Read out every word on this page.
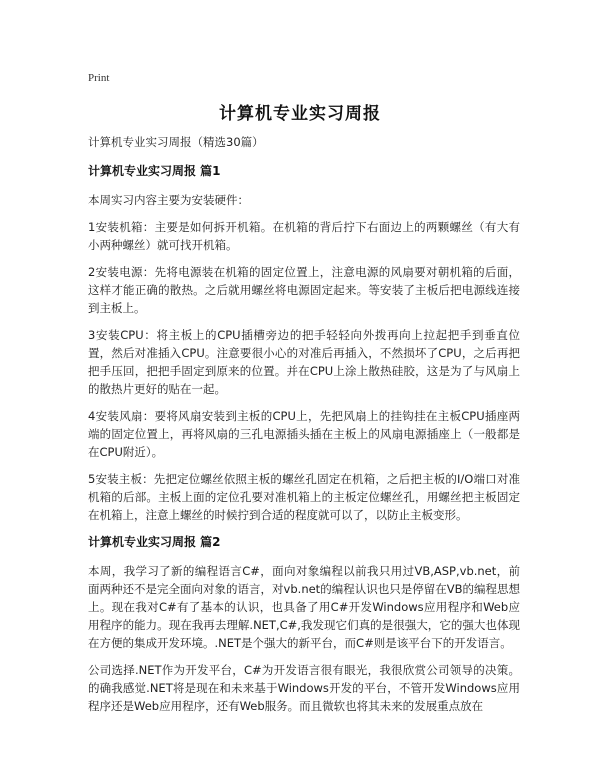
Print
计算机专业实习周报

计算机专业实习周报（精选30篇）

计算机专业实习周报 篇1

本周实习内容主要为安装硬件：

1安装机箱：主要是如何拆开机箱。在机箱的背后拧下右面边上的两颗螺丝（有大有小两种螺丝）就可找开机箱。

2安装电源：先将电源装在机箱的固定位置上，注意电源的风扇要对朝机箱的后面，这样才能正确的散热。之后就用螺丝将电源固定起来。等安装了主板后把电源线连接到主板上。

3安装CPU：将主板上的CPU插槽旁边的把手轻轻向外拨再向上拉起把手到垂直位置，然后对准插入CPU。注意要很小心的对准后再插入，不然损坏了CPU，之后再把把手压回，把把手固定到原来的位置。并在CPU上涂上散热硅胶，这是为了与风扇上的散热片更好的贴在一起。

4安装风扇：要将风扇安装到主板的CPU上，先把风扇上的挂钩挂在主板CPU插座两端的固定位置上，再将风扇的三孔电源插头插在主板上的风扇电源插座上（一般都是在CPU附近）。

5安装主板：先把定位螺丝依照主板的螺丝孔固定在机箱，之后把主板的I/O端口对准机箱的后部。主板上面的定位孔要对准机箱上的主板定位螺丝孔，用螺丝把主板固定在机箱上，注意上螺丝的时候拧到合适的程度就可以了，以防止主板变形。

计算机专业实习周报 篇2

本周，我学习了新的编程语言C#，面向对象编程以前我只用过VB,ASP,vb.net，前面两种还不是完全面向对象的语言，对vb.net的编程认识也只是停留在VB的编程思想上。现在我对C#有了基本的认识，也具备了用C#开发Windows应用程序和Web应用程序的能力。现在我再去理解.NET,C#,我发现它们真的是很强大，它的强大也体现在方便的集成开发环境。.NET是个强大的新平台，而C#则是该平台下的开发语言。

公司选择.NET作为开发平台，C#为开发语言很有眼光，我很欣赏公司领导的决策。的确我感觉.NET将是现在和未来基于Windows开发的平台，不管开发Windows应用程序还是Web应用程序，还有Web服务。而且微软也将其未来的发展重点放在
